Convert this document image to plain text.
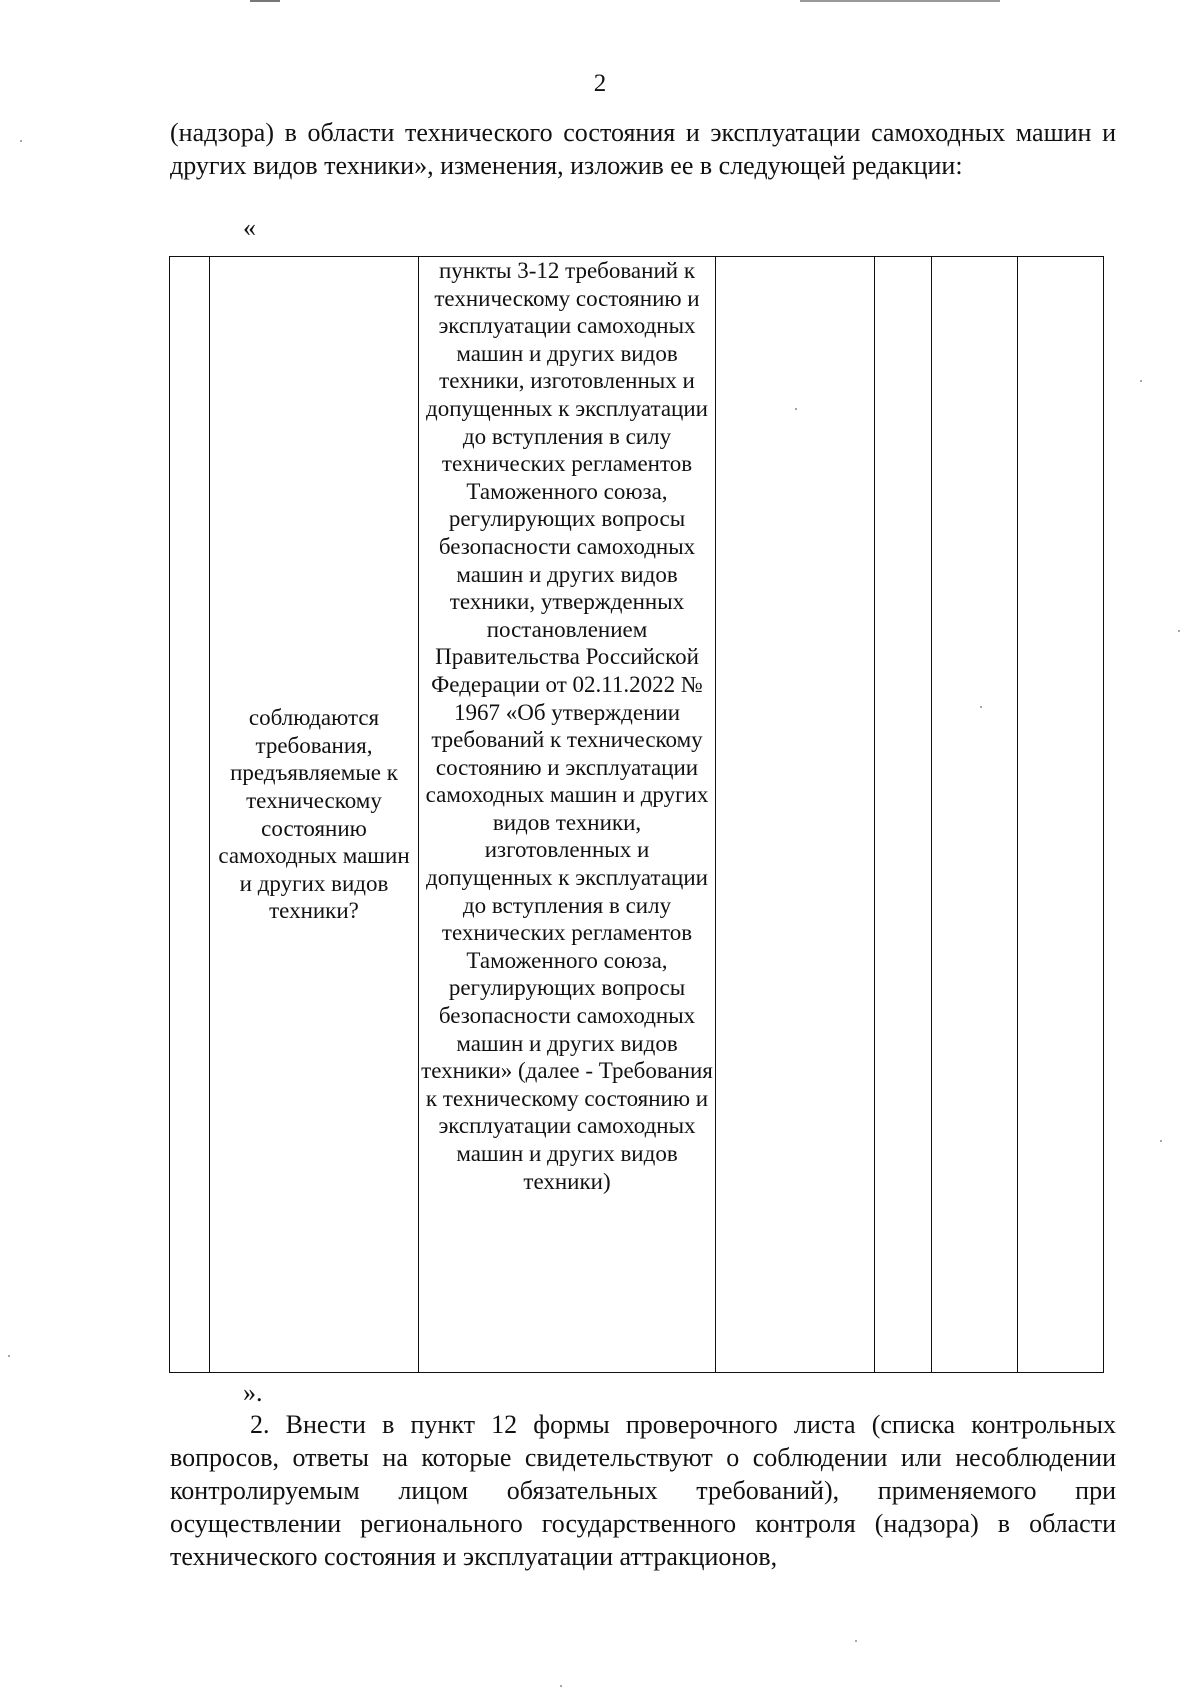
2
(надзора) в области технического состояния и эксплуатации самоходных машин и других видов техники», изменения, изложив ее в следующей редакции:
«
	соблюдаются требования, предъявляемые к техническому состоянию самоходных машин и других видов техники?	пункты 3-12 требований к техническому состоянию и эксплуатации самоходных машин и других видов техники, изготовленных и допущенных к эксплуатации до вступления в силу технических регламентов Таможенного союза, регулирующих вопросы безопасности самоходных машин и других видов техники, утвержденных постановлением Правительства Российской Федерации от 02.11.2022 № 1967 «Об утверждении требований к техническому состоянию и эксплуатации самоходных машин и других видов техники, изготовленных и допущенных к эксплуатации до вступления в силу технических регламентов Таможенного союза, регулирующих вопросы безопасности самоходных машин и других видов техники» (далее - Требования к техническому состоянию и эксплуатации самоходных машин и других видов техники)				
».
2. Внести в пункт 12 формы проверочного листа (списка контрольных вопросов, ответы на которые свидетельствуют о соблюдении или несоблюдении контролируемым лицом обязательных требований), применяемого при осуществлении регионального государственного контроля (надзора) в области технического состояния и эксплуатации аттракционов,
